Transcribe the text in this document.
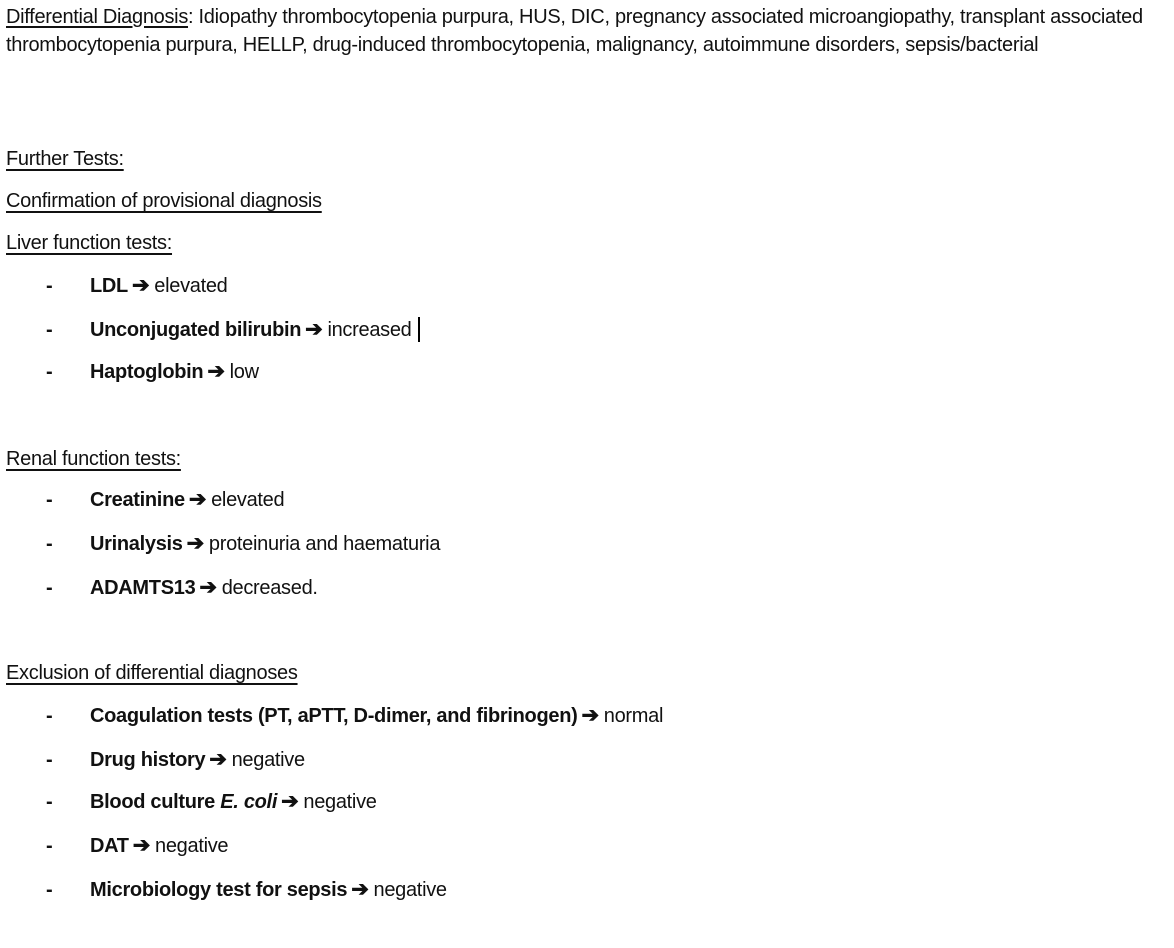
Differential Diagnosis: Idiopathy thrombocytopenia purpura, HUS, DIC, pregnancy associated microangiopathy, transplant associated thrombocytopenia purpura, HELLP, drug-induced thrombocytopenia, malignancy, autoimmune disorders, sepsis/bacterial

Further Tests:
Confirmation of provisional diagnosis
Liver function tests:
- LDL ➔ elevated
- Unconjugated bilirubin ➔ increased
- Haptoglobin ➔ low
Renal function tests:
- Creatinine ➔ elevated
- Urinalysis ➔ proteinuria and haematuria
- ADAMTS13 ➔ decreased.
Exclusion of differential diagnoses
- Coagulation tests (PT, aPTT, D-dimer, and fibrinogen) ➔ normal
- Drug history ➔ negative
- Blood culture E. coli ➔ negative
- DAT ➔ negative
- Microbiology test for sepsis ➔ negative
